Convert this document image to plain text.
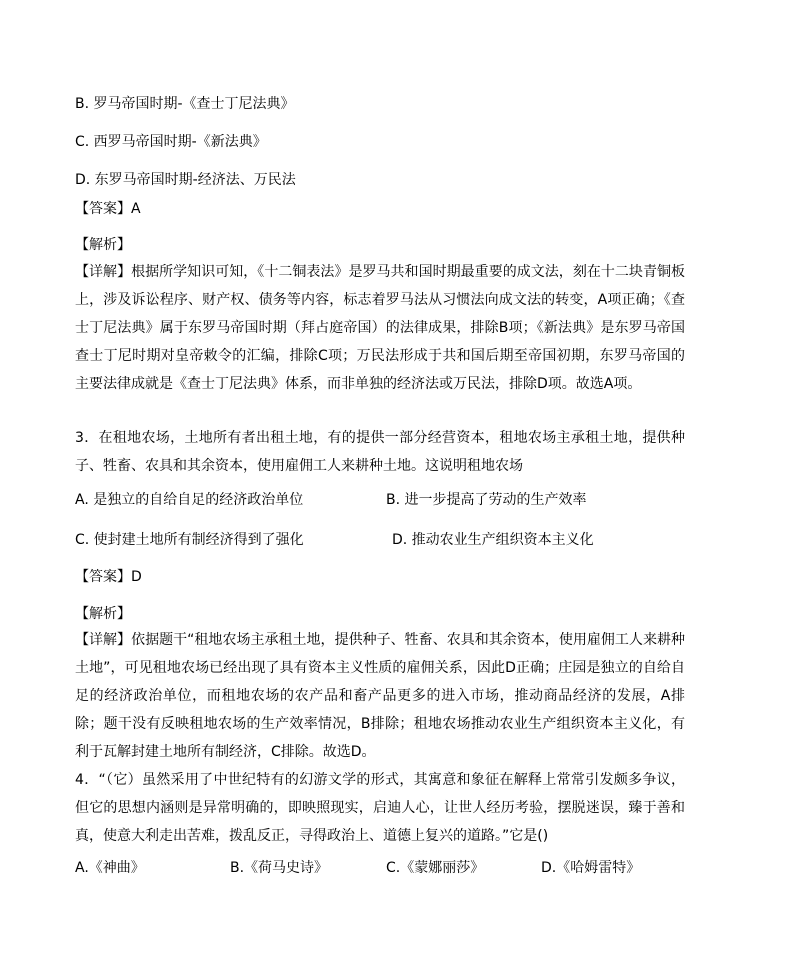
B. 罗马帝国时期-《查士丁尼法典》
C. 西罗马帝国时期-《新法典》
D. 东罗马帝国时期-经济法、万民法
【答案】A
【解析】
【详解】根据所学知识可知，《十二铜表法》是罗马共和国时期最重要的成文法，刻在十二块青铜板上，涉及诉讼程序、财产权、债务等内容，标志着罗马法从习惯法向成文法的转变，A项正确；《查士丁尼法典》属于东罗马帝国时期（拜占庭帝国）的法律成果，排除B项；《新法典》是东罗马帝国查士丁尼时期对皇帝敕令的汇编，排除C项；万民法形成于共和国后期至帝国初期，东罗马帝国的主要法律成就是《查士丁尼法典》体系，而非单独的经济法或万民法，排除D项。故选A项。
3．在租地农场，土地所有者出租土地，有的提供一部分经营资本，租地农场主承租土地，提供种子、牲畜、农具和其余资本，使用雇佣工人来耕种土地。这说明租地农场
A. 是独立的自给自足的经济政治单位	B. 进一步提高了劳动的生产效率
C. 使封建土地所有制经济得到了强化	D. 推动农业生产组织资本主义化
【答案】D
【解析】
【详解】依据题干“租地农场主承租土地，提供种子、牲畜、农具和其余资本，使用雇佣工人来耕种土地”，可见租地农场已经出现了具有资本主义性质的雇佣关系，因此D正确；庄园是独立的自给自足的经济政治单位，而租地农场的农产品和畜产品更多的进入市场，推动商品经济的发展，A排除；题干没有反映租地农场的生产效率情况，B排除；租地农场推动农业生产组织资本主义化，有利于瓦解封建土地所有制经济，C排除。故选D。
4．“（它）虽然采用了中世纪特有的幻游文学的形式，其寓意和象征在解释上常常引发颇多争议，但它的思想内涵则是异常明确的，即映照现实，启迪人心，让世人经历考验，摆脱迷误，臻于善和真，使意大利走出苦难，拨乱反正，寻得政治上、道德上复兴的道路。”它是()
A.《神曲》	B.《荷马史诗》	C.《蒙娜丽莎》	D.《哈姆雷特》
